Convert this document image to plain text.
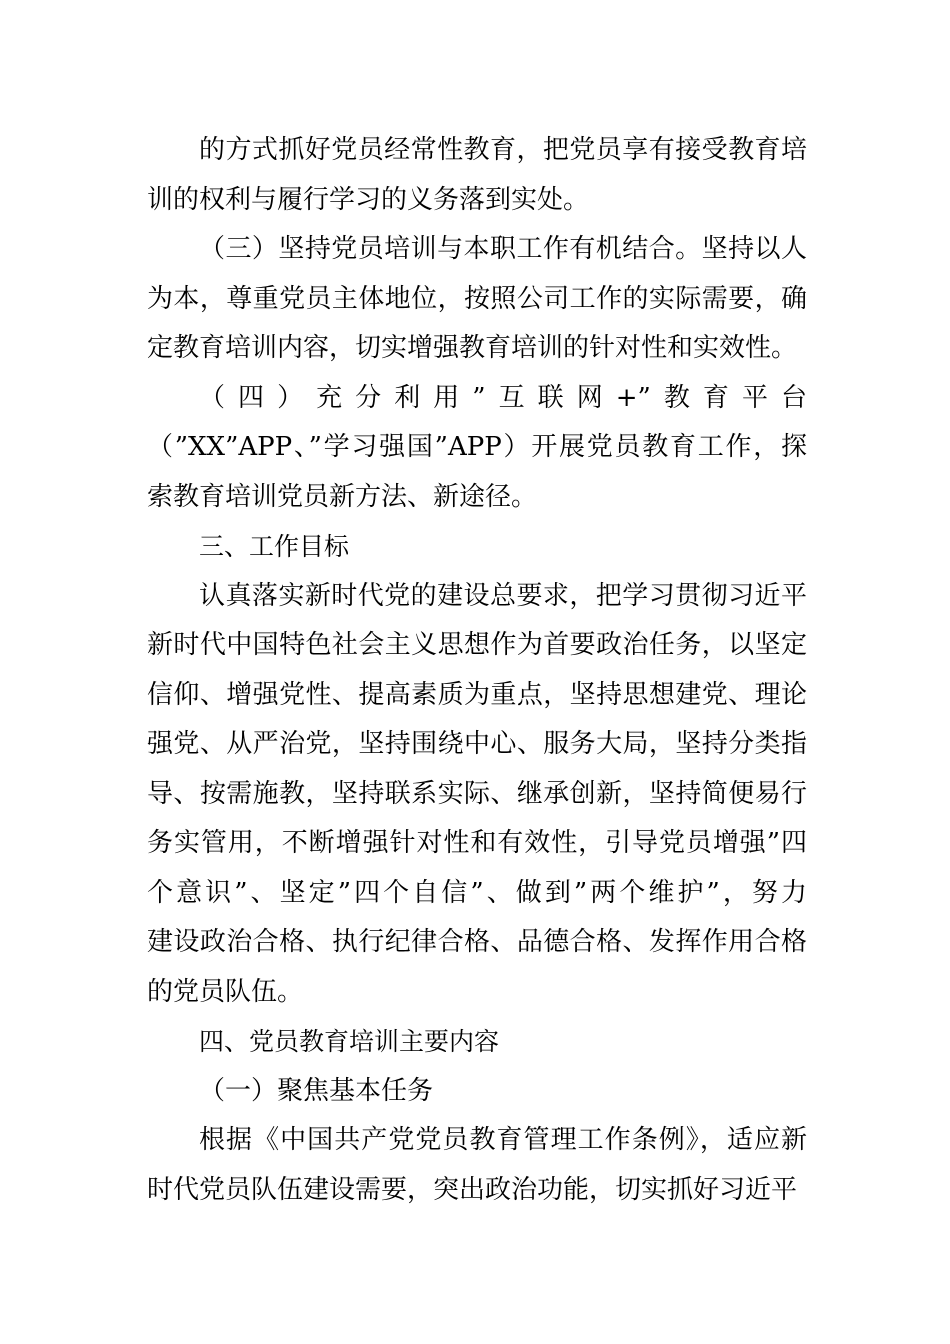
的方式抓好党员经常性教育，把党员享有接受教育培
训的权利与履行学习的义务落到实处。
（三）坚持党员培训与本职工作有机结合。坚持以人
为本，尊重党员主体地位，按照公司工作的实际需要，确
定教育培训内容，切实增强教育培训的针对性和实效性。
（四）充分利用”互联网+”教育平台
（”XX”APP、”学习强国”APP）开展党员教育工作，探
索教育培训党员新方法、新途径。
三、工作目标
认真落实新时代党的建设总要求，把学习贯彻习近平
新时代中国特色社会主义思想作为首要政治任务，以坚定
信仰、增强党性、提高素质为重点，坚持思想建党、理论
强党、从严治党，坚持围绕中心、服务大局，坚持分类指
导、按需施教，坚持联系实际、继承创新，坚持简便易行
务实管用，不断增强针对性和有效性，引导党员增强”四
个意识”、坚定”四个自信”、做到”两个维护”，努力
建设政治合格、执行纪律合格、品德合格、发挥作用合格
的党员队伍。
四、党员教育培训主要内容
（一）聚焦基本任务
根据《中国共产党党员教育管理工作条例》，适应新
时代党员队伍建设需要，突出政治功能，切实抓好习近平
